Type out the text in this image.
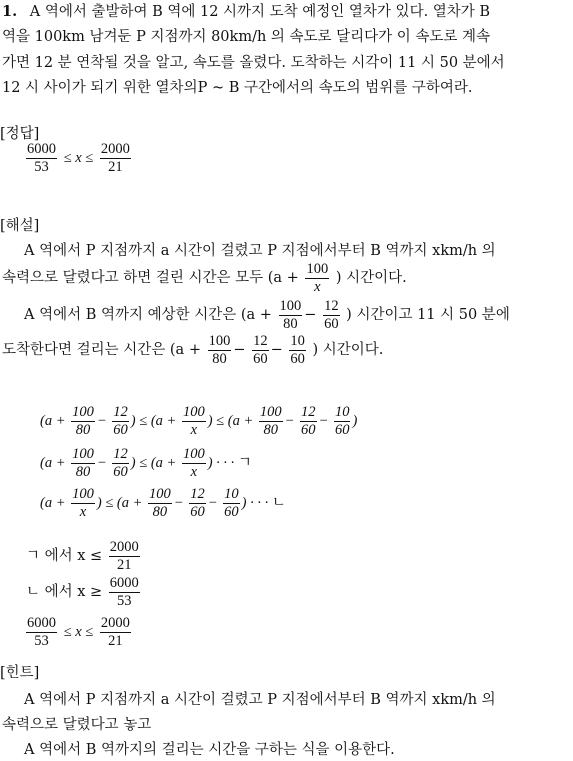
1. A 역에서 출발하여 B 역에 12 시까지 도착 예정인 열차가 있다. 열차가 B
역을 100km 남겨둔 P 지점까지 80km/h 의 속도로 달리다가 이 속도로 계속
가면 12 분 연착될 것을 알고, 속도를 올렸다. 도착하는 시각이 11 시 50 분에서
12 시 사이가 되기 위한 열차의P ~ B 구간에서의 속도의 범위를 구하여라.
[정답]
$\frac{6000}{53} \le x \le \frac{2000}{21}$
[해설]
A 역에서 P 지점까지 a 시간이 걸렸고 P 지점에서부터 B 역까지 xkm/h 의
속력으로 달렸다고 하면 걸린 시간은 모두 ($a + \frac{100}{x}$ ) 시간이다.
A 역에서 B 역까지 예상한 시간은 ($a + \frac{100}{80} - \frac{12}{60}$ ) 시간이고 11 시 50 분에
도착한다면 걸리는 시간은 ($a + \frac{100}{80} - \frac{12}{60} - \frac{10}{60}$ ) 시간이다.
($a + \frac{100}{80} - \frac{12}{60}$ ) ≤ ($a + \frac{100}{x}$ ) ≤ ($a + \frac{100}{80} - \frac{12}{60} - \frac{10}{60}$ )
($a + \frac{100}{80} - \frac{12}{60}$ ) ≤ ($a + \frac{100}{x}$ ) · · · ㄱ
($a + \frac{100}{x}$ ) ≤ ($a + \frac{100}{80} - \frac{12}{60} - \frac{10}{60}$ ) · · · ㄴ
ㄱ 에서 $x \le \frac{2000}{21}$
ㄴ 에서 $x \ge \frac{6000}{53}$
$\frac{6000}{53} \le x \le \frac{2000}{21}$
[힌트]
A 역에서 P 지점까지 a 시간이 걸렸고 P 지점에서부터 B 역까지 xkm/h 의
속력으로 달렸다고 놓고
A 역에서 B 역까지의 걸리는 시간을 구하는 식을 이용한다.
